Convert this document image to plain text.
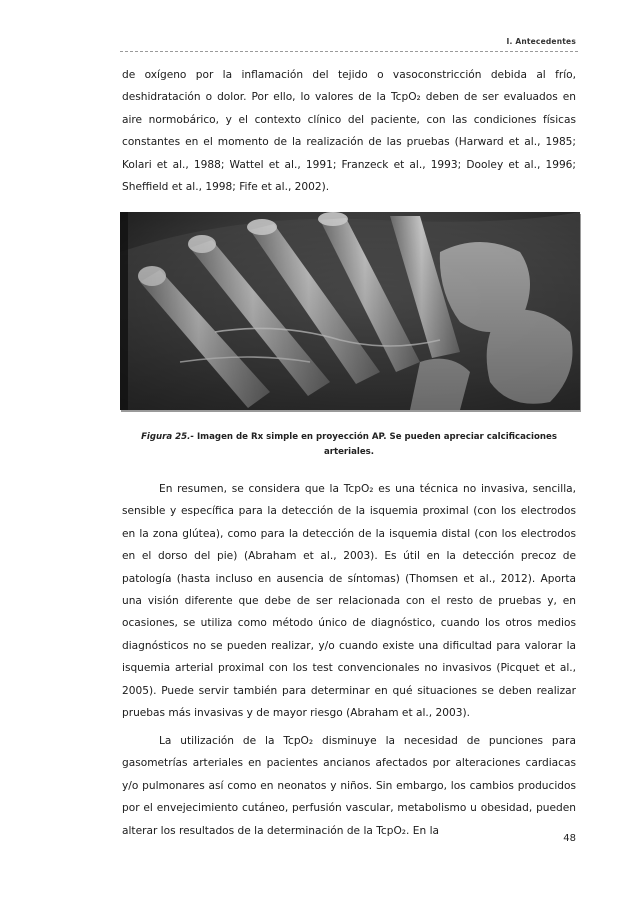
I. Antecedentes

de oxígeno por la inflamación del tejido o vasoconstricción debida al frío, deshidratación o dolor. Por ello, lo valores de la TcpO₂ deben de ser evaluados en aire normobárico, y el contexto clínico del paciente, con las condiciones físicas constantes en el momento de la realización de las pruebas (Harward et al., 1985; Kolari et al., 1988; Wattel et al., 1991; Franzeck et al., 1993; Dooley et al., 1996; Sheffield et al., 1998; Fife et al., 2002).

Figura 25.- Imagen de Rx simple en proyección AP. Se pueden apreciar calcificaciones arteriales.

En resumen, se considera que la TcpO₂ es una técnica no invasiva, sencilla, sensible y específica para la detección de la isquemia proximal (con los electrodos en la zona glútea), como para la detección de la isquemia distal (con los electrodos en el dorso del pie) (Abraham et al., 2003). Es útil en la detección precoz de patología (hasta incluso en ausencia de síntomas) (Thomsen et al., 2012). Aporta una visión diferente que debe de ser relacionada con el resto de pruebas y, en ocasiones, se utiliza como método único de diagnóstico, cuando los otros medios diagnósticos no se pueden realizar, y/o cuando existe una dificultad para valorar la isquemia arterial proximal con los test convencionales no invasivos (Picquet et al., 2005). Puede servir también para determinar en qué situaciones se deben realizar pruebas más invasivas y de mayor riesgo (Abraham et al., 2003).

La utilización de la TcpO₂ disminuye la necesidad de punciones para gasometrías arteriales en pacientes ancianos afectados por alteraciones cardiacas y/o pulmonares así como en neonatos y niños. Sin embargo, los cambios producidos por el envejecimiento cutáneo, perfusión vascular, metabolismo u obesidad, pueden alterar los resultados de la determinación de la TcpO₂. En la

48
